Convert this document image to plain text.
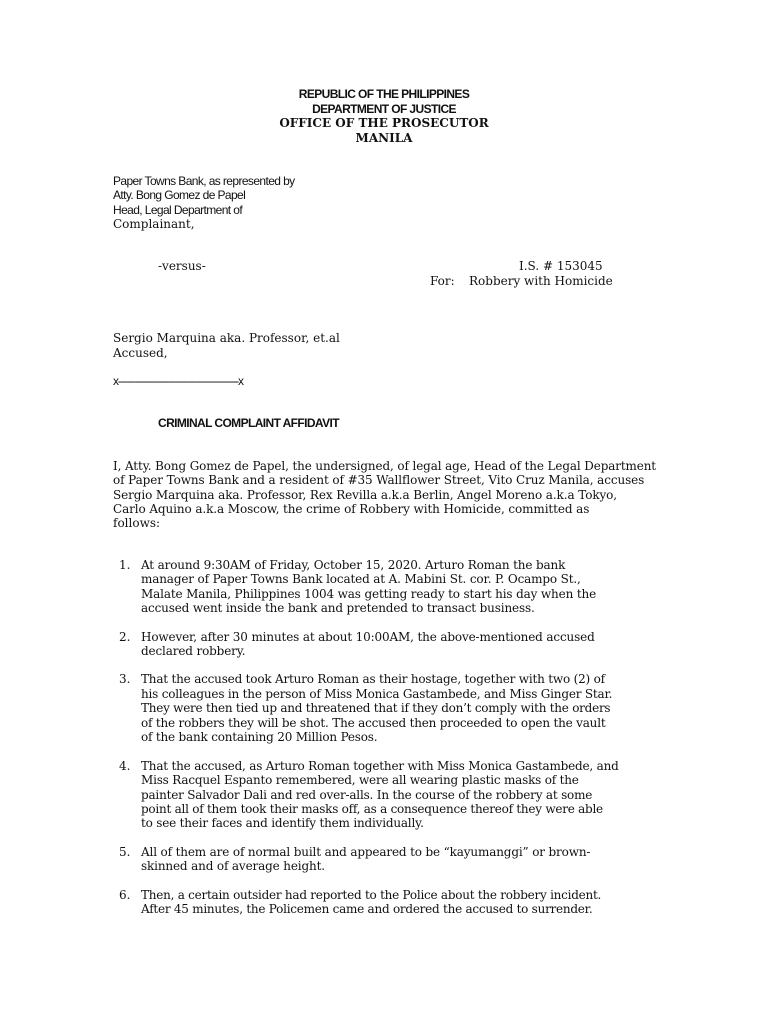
REPUBLIC OF THE PHILIPPINES
DEPARTMENT OF JUSTICE
OFFICE OF THE PROSECUTOR
MANILA
Paper Towns Bank, as represented by
Atty. Bong Gomez de Papel
Head, Legal Department of
Complainant,
-versus-	I.S. # 153045
For: Robbery with Homicide
Sergio Marquina aka. Professor, et.al
Accused,
x-------------------------------------------x
CRIMINAL COMPLAINT AFFIDAVIT
I, Atty. Bong Gomez de Papel, the undersigned, of legal age, Head of the Legal Department
of Paper Towns Bank and a resident of #35 Wallflower Street, Vito Cruz Manila, accuses
Sergio Marquina aka. Professor, Rex Revilla a.k.a Berlin, Angel Moreno a.k.a Tokyo,
Carlo Aquino a.k.a Moscow, the crime of Robbery with Homicide, committed as
follows:
1. At around 9:30AM of Friday, October 15, 2020. Arturo Roman the bank
manager of Paper Towns Bank located at A. Mabini St. cor. P. Ocampo St.,
Malate Manila, Philippines 1004 was getting ready to start his day when the
accused went inside the bank and pretended to transact business.
2. However, after 30 minutes at about 10:00AM, the above-mentioned accused
declared robbery.
3. That the accused took Arturo Roman as their hostage, together with two (2) of
his colleagues in the person of Miss Monica Gastambede, and Miss Ginger Star.
They were then tied up and threatened that if they don’t comply with the orders
of the robbers they will be shot. The accused then proceeded to open the vault
of the bank containing 20 Million Pesos.
4. That the accused, as Arturo Roman together with Miss Monica Gastambede, and
Miss Racquel Espanto remembered, were all wearing plastic masks of the
painter Salvador Dali and red over-alls. In the course of the robbery at some
point all of them took their masks off, as a consequence thereof they were able
to see their faces and identify them individually.
5. All of them are of normal built and appeared to be “kayumanggi” or brown-
skinned and of average height.
6. Then, a certain outsider had reported to the Police about the robbery incident.
After 45 minutes, the Policemen came and ordered the accused to surrender.
